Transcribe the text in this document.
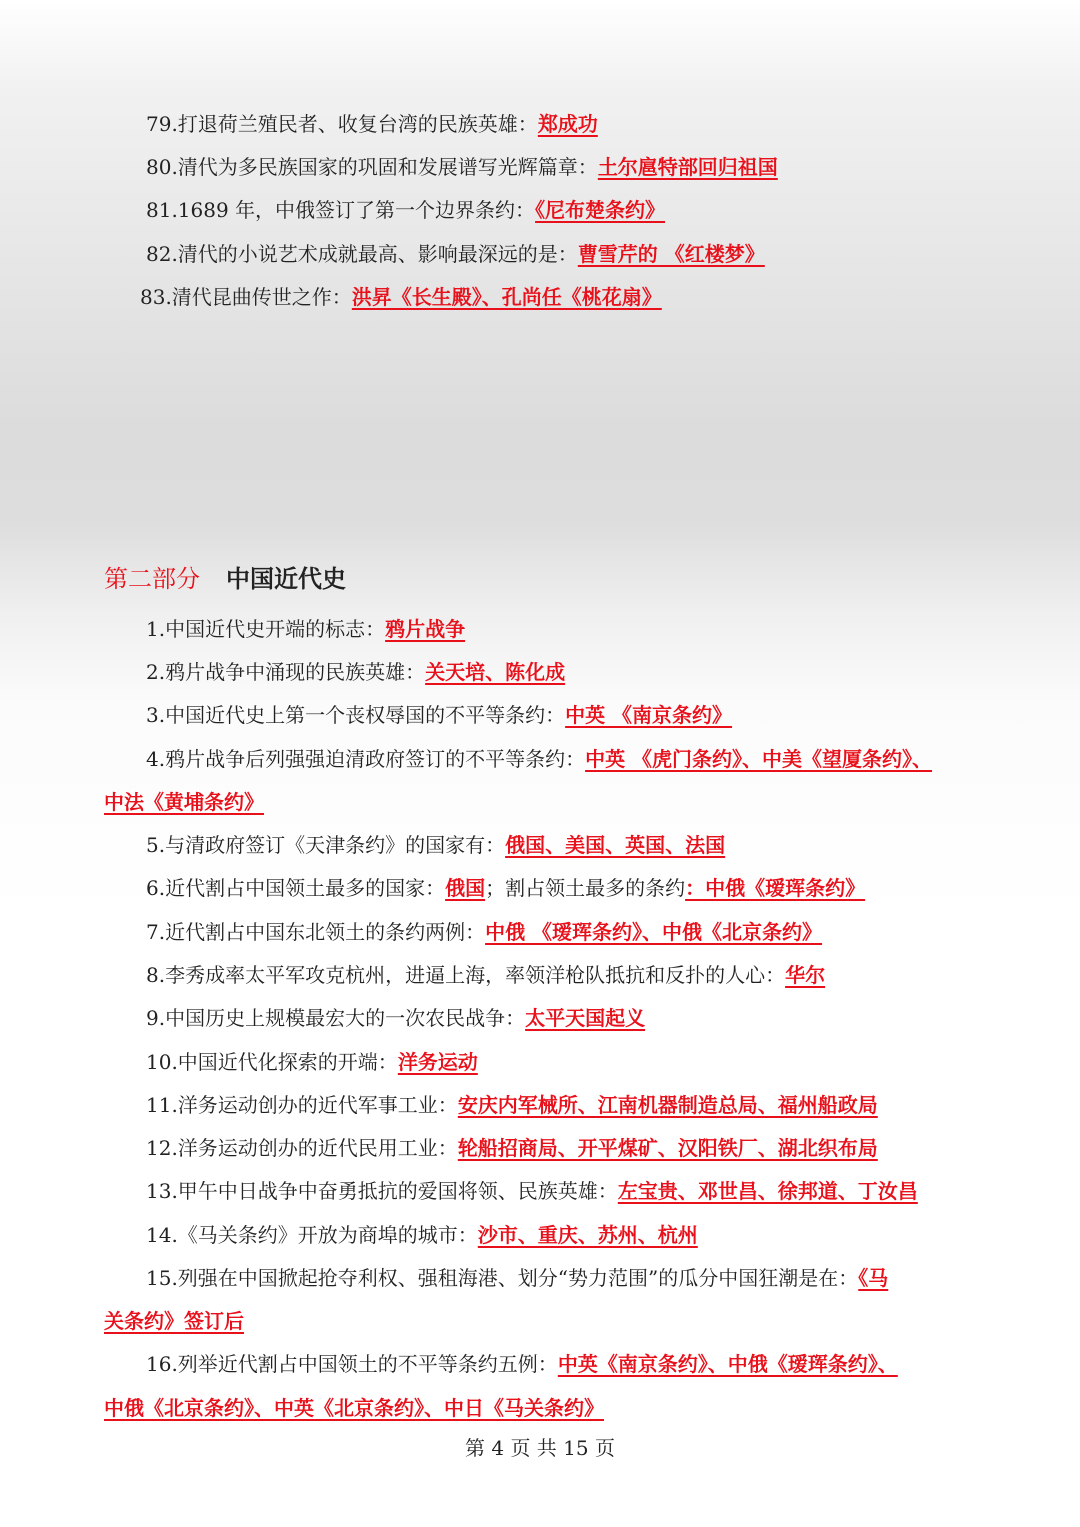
79.打退荷兰殖民者、收复台湾的民族英雄：郑成功
80.清代为多民族国家的巩固和发展谱写光辉篇章：土尔扈特部回归祖国
81.1689 年，中俄签订了第一个边界条约：《尼布楚条约》
82.清代的小说艺术成就最高、影响最深远的是：曹雪芹的 《红楼梦》
83.清代昆曲传世之作：洪昇《长生殿》、孔尚任《桃花扇》
第二部分 中国近代史
1.中国近代史开端的标志：鸦片战争
2.鸦片战争中涌现的民族英雄：关天培、陈化成
3.中国近代史上第一个丧权辱国的不平等条约：中英 《南京条约》
4.鸦片战争后列强强迫清政府签订的不平等条约：中英 《虎门条约》、中美《望厦条约》、
中法《黄埔条约》
5.与清政府签订《天津条约》的国家有：俄国、美国、英国、法国
6.近代割占中国领土最多的国家：俄国；割占领土最多的条约：中俄《瑷珲条约》
7.近代割占中国东北领土的条约两例：中俄 《瑷珲条约》、中俄《北京条约》
8.李秀成率太平军攻克杭州，进逼上海，率领洋枪队抵抗和反扑的人心：华尔
9.中国历史上规模最宏大的一次农民战争：太平天国起义
10.中国近代化探索的开端：洋务运动
11.洋务运动创办的近代军事工业：安庆内军械所、江南机器制造总局、福州船政局
12.洋务运动创办的近代民用工业：轮船招商局、开平煤矿、汉阳铁厂、湖北织布局
13.甲午中日战争中奋勇抵抗的爱国将领、民族英雄：左宝贵、邓世昌、徐邦道、丁汝昌
14.《马关条约》开放为商埠的城市：沙市、重庆、苏州、杭州
15.列强在中国掀起抢夺利权、强租海港、划分“势力范围”的瓜分中国狂潮是在：《马
关条约》签订后
16.列举近代割占中国领土的不平等条约五例：中英《南京条约》、中俄《瑷珲条约》、
中俄《北京条约》、中英《北京条约》、中日《马关条约》
第 4 页 共 15 页
